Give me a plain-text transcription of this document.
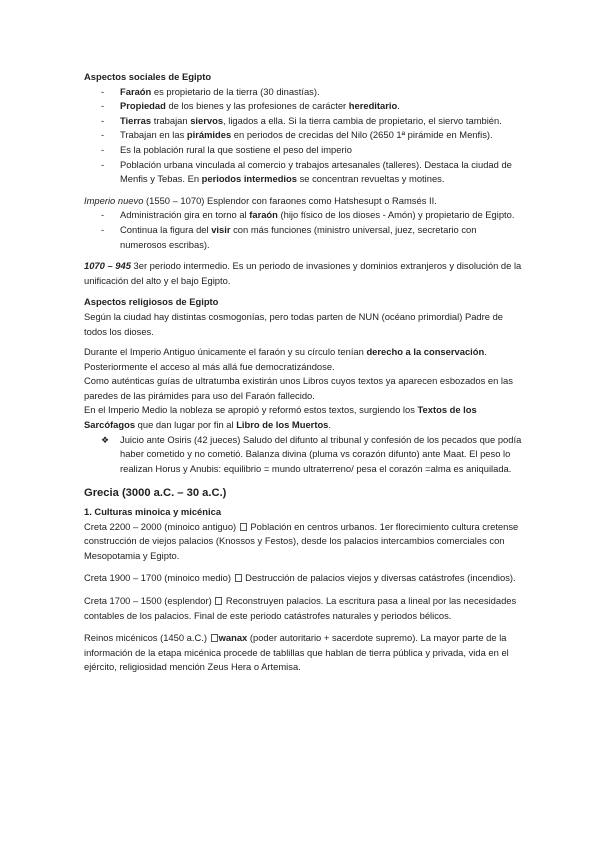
Aspectos sociales de Egipto

- Faraón es propietario de la tierra (30 dinastías).
- Propiedad de los bienes y las profesiones de carácter hereditario.
- Tierras trabajan siervos, ligados a ella. Si la tierra cambia de propietario, el siervo también.
- Trabajan en las pirámides en periodos de crecidas del Nilo (2650 1ª pirámide en Menfis).
- Es la población rural la que sostiene el peso del imperio
- Población urbana vinculada al comercio y trabajos artesanales (talleres). Destaca la ciudad de Menfis y Tebas. En periodos intermedios se concentran revueltas y motines.

Imperio nuevo (1550 – 1070) Esplendor con faraones como Hatshesupt o Ramsés II.

- Administración gira en torno al faraón (hijo físico de los dioses - Amón) y propietario de Egipto.
- Continua la figura del visir con más funciones (ministro universal, juez, secretario con numerosos escribas).

1070 – 945 3er periodo intermedio. Es un periodo de invasiones y dominios extranjeros y disolución de la unificación del alto y el bajo Egipto.

Aspectos religiosos de Egipto

Según la ciudad hay distintas cosmogonías, pero todas parten de NUN (océano primordial) Padre de todos los dioses.

Durante el Imperio Antiguo únicamente el faraón y su círculo tenían derecho a la conservación. Posteriormente el acceso al más allá fue democratizándose.

Como auténticas guías de ultratumba existirán unos Libros cuyos textos ya aparecen esbozados en las paredes de las pirámides para uso del Faraón fallecido.

En el Imperio Medio la nobleza se apropió y reformó estos textos, surgiendo los Textos de los Sarcófagos que dan lugar por fin al Libro de los Muertos.

❖ Juicio ante Osiris (42 jueces) Saludo del difunto al tribunal y confesión de los pecados que podía haber cometido y no cometió. Balanza divina (pluma vs corazón difunto) ante Maat. El peso lo realizan Horus y Anubis: equilibrio = mundo ultraterreno/ pesa el corazón =alma es aniquilada.

Grecia (3000 a.C. – 30 a.C.)

1. Culturas minoica y micénica

Creta 2200 – 2000 (minoico antiguo)  Población en centros urbanos. 1er florecimiento cultura cretense construcción de viejos palacios (Knossos y Festos), desde los palacios intercambios comerciales con Mesopotamia y Egipto.

Creta 1900 – 1700 (minoico medio)  Destrucción de palacios viejos y diversas catástrofes (incendios).

Creta 1700 – 1500 (esplendor)  Reconstruyen palacios. La escritura pasa a lineal por las necesidades contables de los palacios. Final de este periodo catástrofes naturales y periodos bélicos.

Reinos micénicos (1450 a.C.) wanax (poder autoritario + sacerdote supremo). La mayor parte de la información de la etapa micénica procede de tablillas que hablan de tierra pública y privada, vida en el ejército, religiosidad mención Zeus Hera o Artemisa.
